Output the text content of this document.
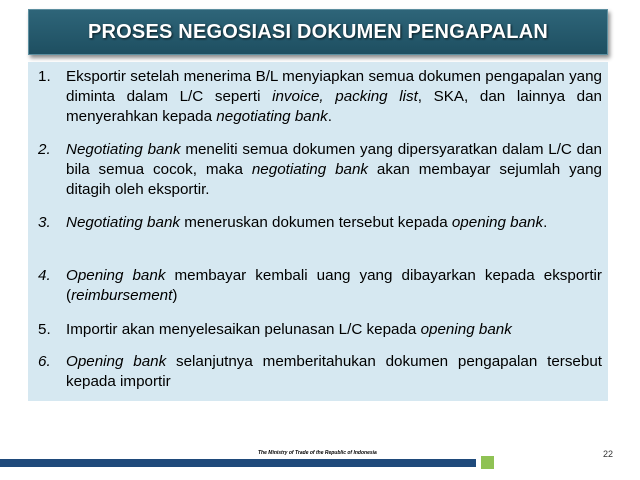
PROSES NEGOSIASI DOKUMEN PENGAPALAN
1. Eksportir setelah menerima B/L menyiapkan semua dokumen pengapalan yang diminta dalam L/C seperti invoice, packing list, SKA, dan lainnya dan menyerahkan kepada negotiating bank.
2. Negotiating bank meneliti semua dokumen yang dipersyaratkan dalam L/C dan bila semua cocok, maka negotiating bank akan membayar sejumlah yang ditagih oleh eksportir.
3. Negotiating bank meneruskan dokumen tersebut kepada opening bank.
4. Opening bank membayar kembali uang yang dibayarkan kepada eksportir (reimbursement)
5. Importir akan menyelesaikan pelunasan L/C kepada opening bank
6. Opening bank selanjutnya memberitahukan dokumen pengapalan tersebut kepada importir
The Ministry of Trade of the Republic of Indonesia	22
